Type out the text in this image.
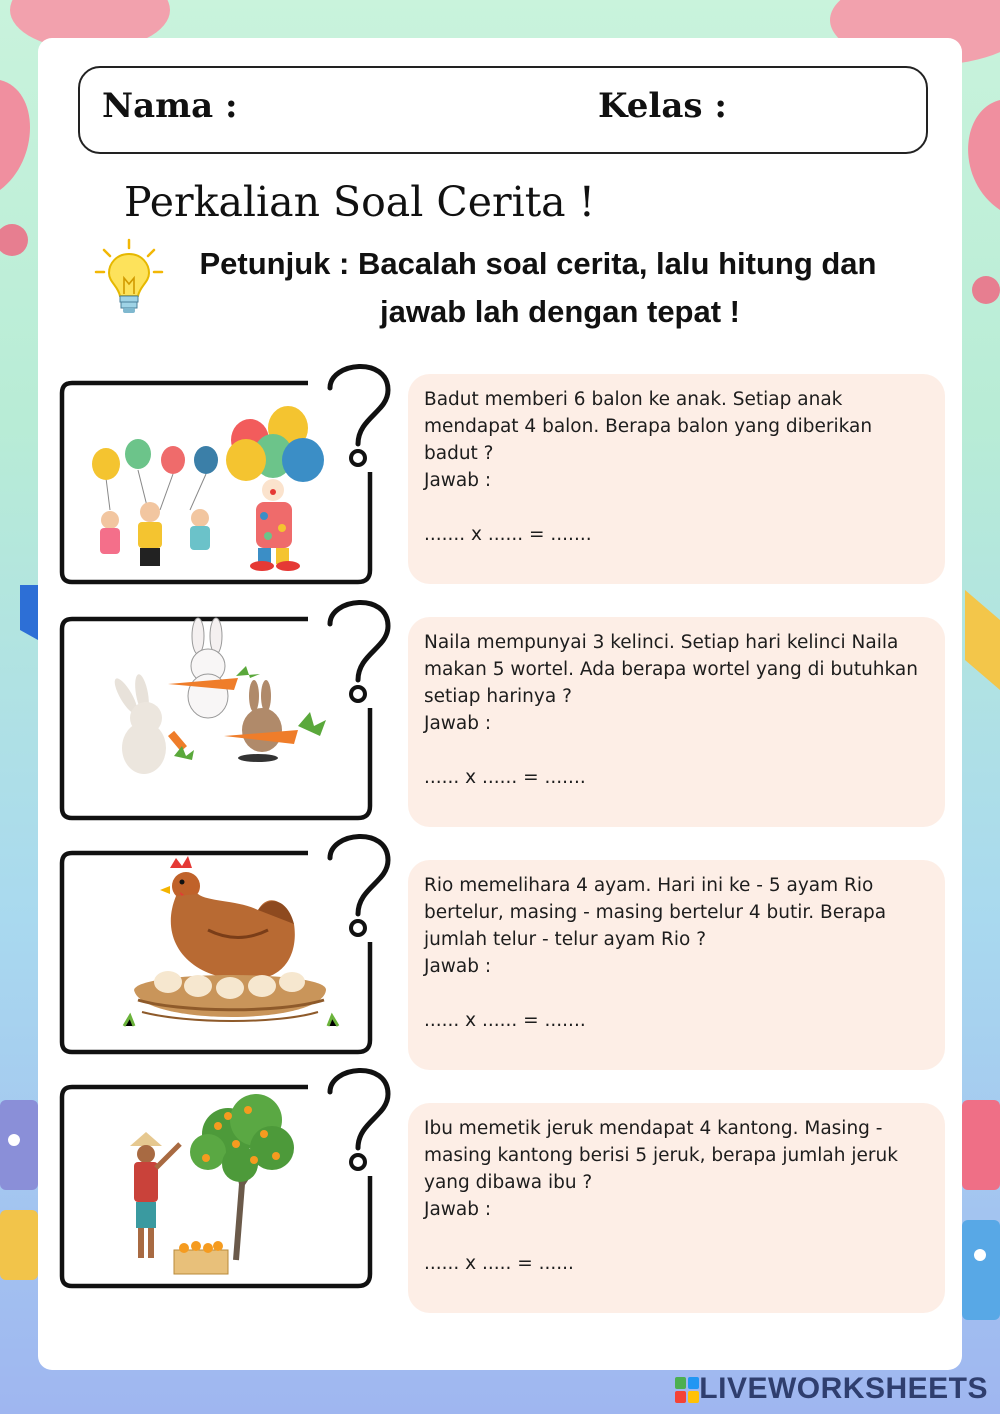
Nama :	Kelas :
Perkalian Soal Cerita !
Petunjuk : Bacalah soal cerita, lalu hitung dan
jawab lah dengan tepat !

Badut memberi 6 balon ke anak. Setiap anak

mendapat 4 balon. Berapa balon yang diberikan

badut ?

Jawab :

....... x ...... = .......

Naila mempunyai 3 kelinci. Setiap hari kelinci Naila

makan 5 wortel. Ada berapa wortel yang di butuhkan

setiap harinya ?

Jawab :

...... x ...... = .......

Rio memelihara 4 ayam. Hari ini ke - 5 ayam Rio

bertelur, masing - masing bertelur 4 butir. Berapa

jumlah telur - telur ayam Rio ?

Jawab :

...... x ...... = .......

Ibu memetik jeruk mendapat 4 kantong. Masing -

masing kantong berisi 5 jeruk, berapa jumlah jeruk

yang dibawa ibu ?

Jawab :

...... x ..... = ......

LIVEWORKSHEETS
